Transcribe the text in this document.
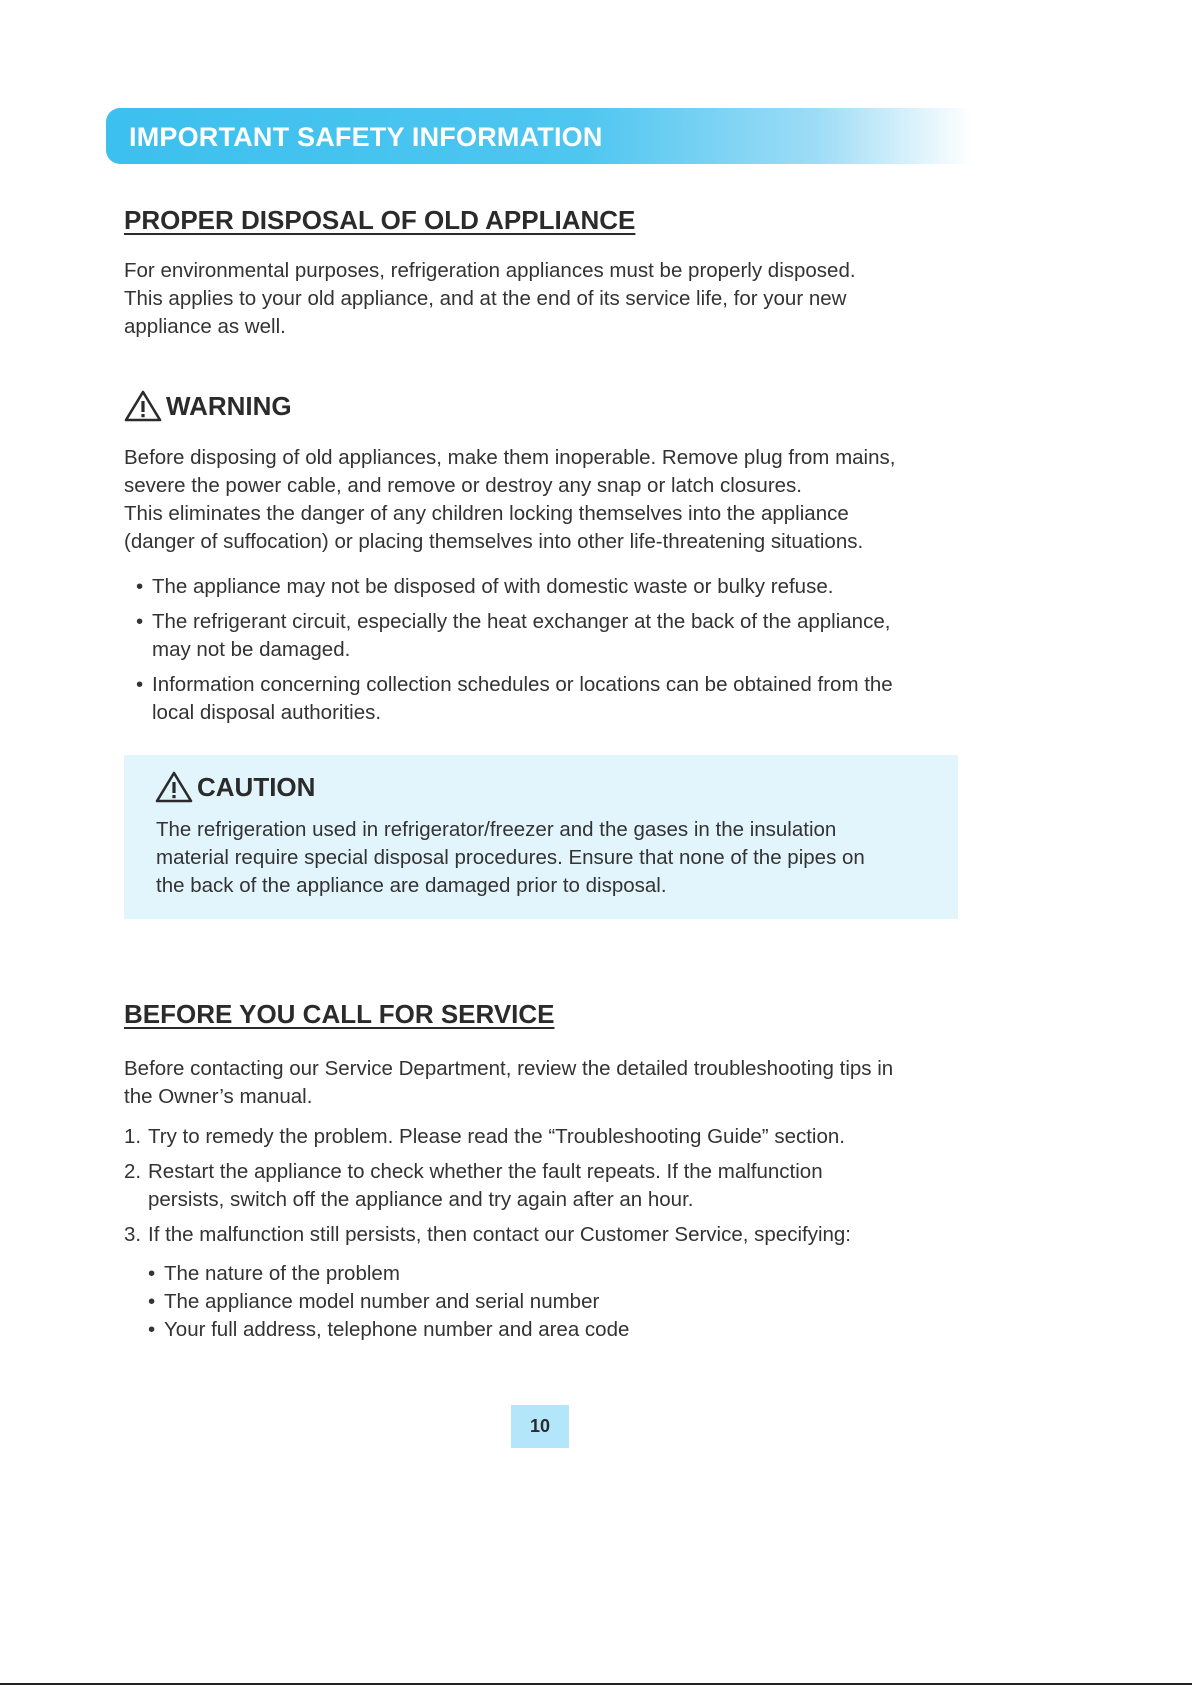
IMPORTANT SAFETY INFORMATION
PROPER DISPOSAL OF OLD APPLIANCE

For environmental purposes, refrigeration appliances must be properly disposed.

This applies to your old appliance, and at the end of its service life, for your new

appliance as well.

WARNING

Before disposing of old appliances, make them inoperable. Remove plug from mains,

severe the power cable, and remove or destroy any snap or latch closures.

This eliminates the danger of any children locking themselves into the appliance

(danger of suffocation) or placing themselves into other life-threatening situations.

• The appliance may not be disposed of with domestic waste or bulky refuse.
• The refrigerant circuit, especially the heat exchanger at the back of the appliance,
may not be damaged.
• Information concerning collection schedules or locations can be obtained from the
local disposal authorities.
CAUTION

The refrigeration used in refrigerator/freezer and the gases in the insulation

material require special disposal procedures. Ensure that none of the pipes on

the back of the appliance are damaged prior to disposal.

BEFORE YOU CALL FOR SERVICE

Before contacting our Service Department, review the detailed troubleshooting tips in

the Owner’s manual.

1. Try to remedy the problem. Please read the “Troubleshooting Guide” section.
2. Restart the appliance to check whether the fault repeats. If the malfunction
persists, switch off the appliance and try again after an hour.
3. If the malfunction still persists, then contact our Customer Service, specifying:
• The nature of the problem
• The appliance model number and serial number
• Your full address, telephone number and area code
10
